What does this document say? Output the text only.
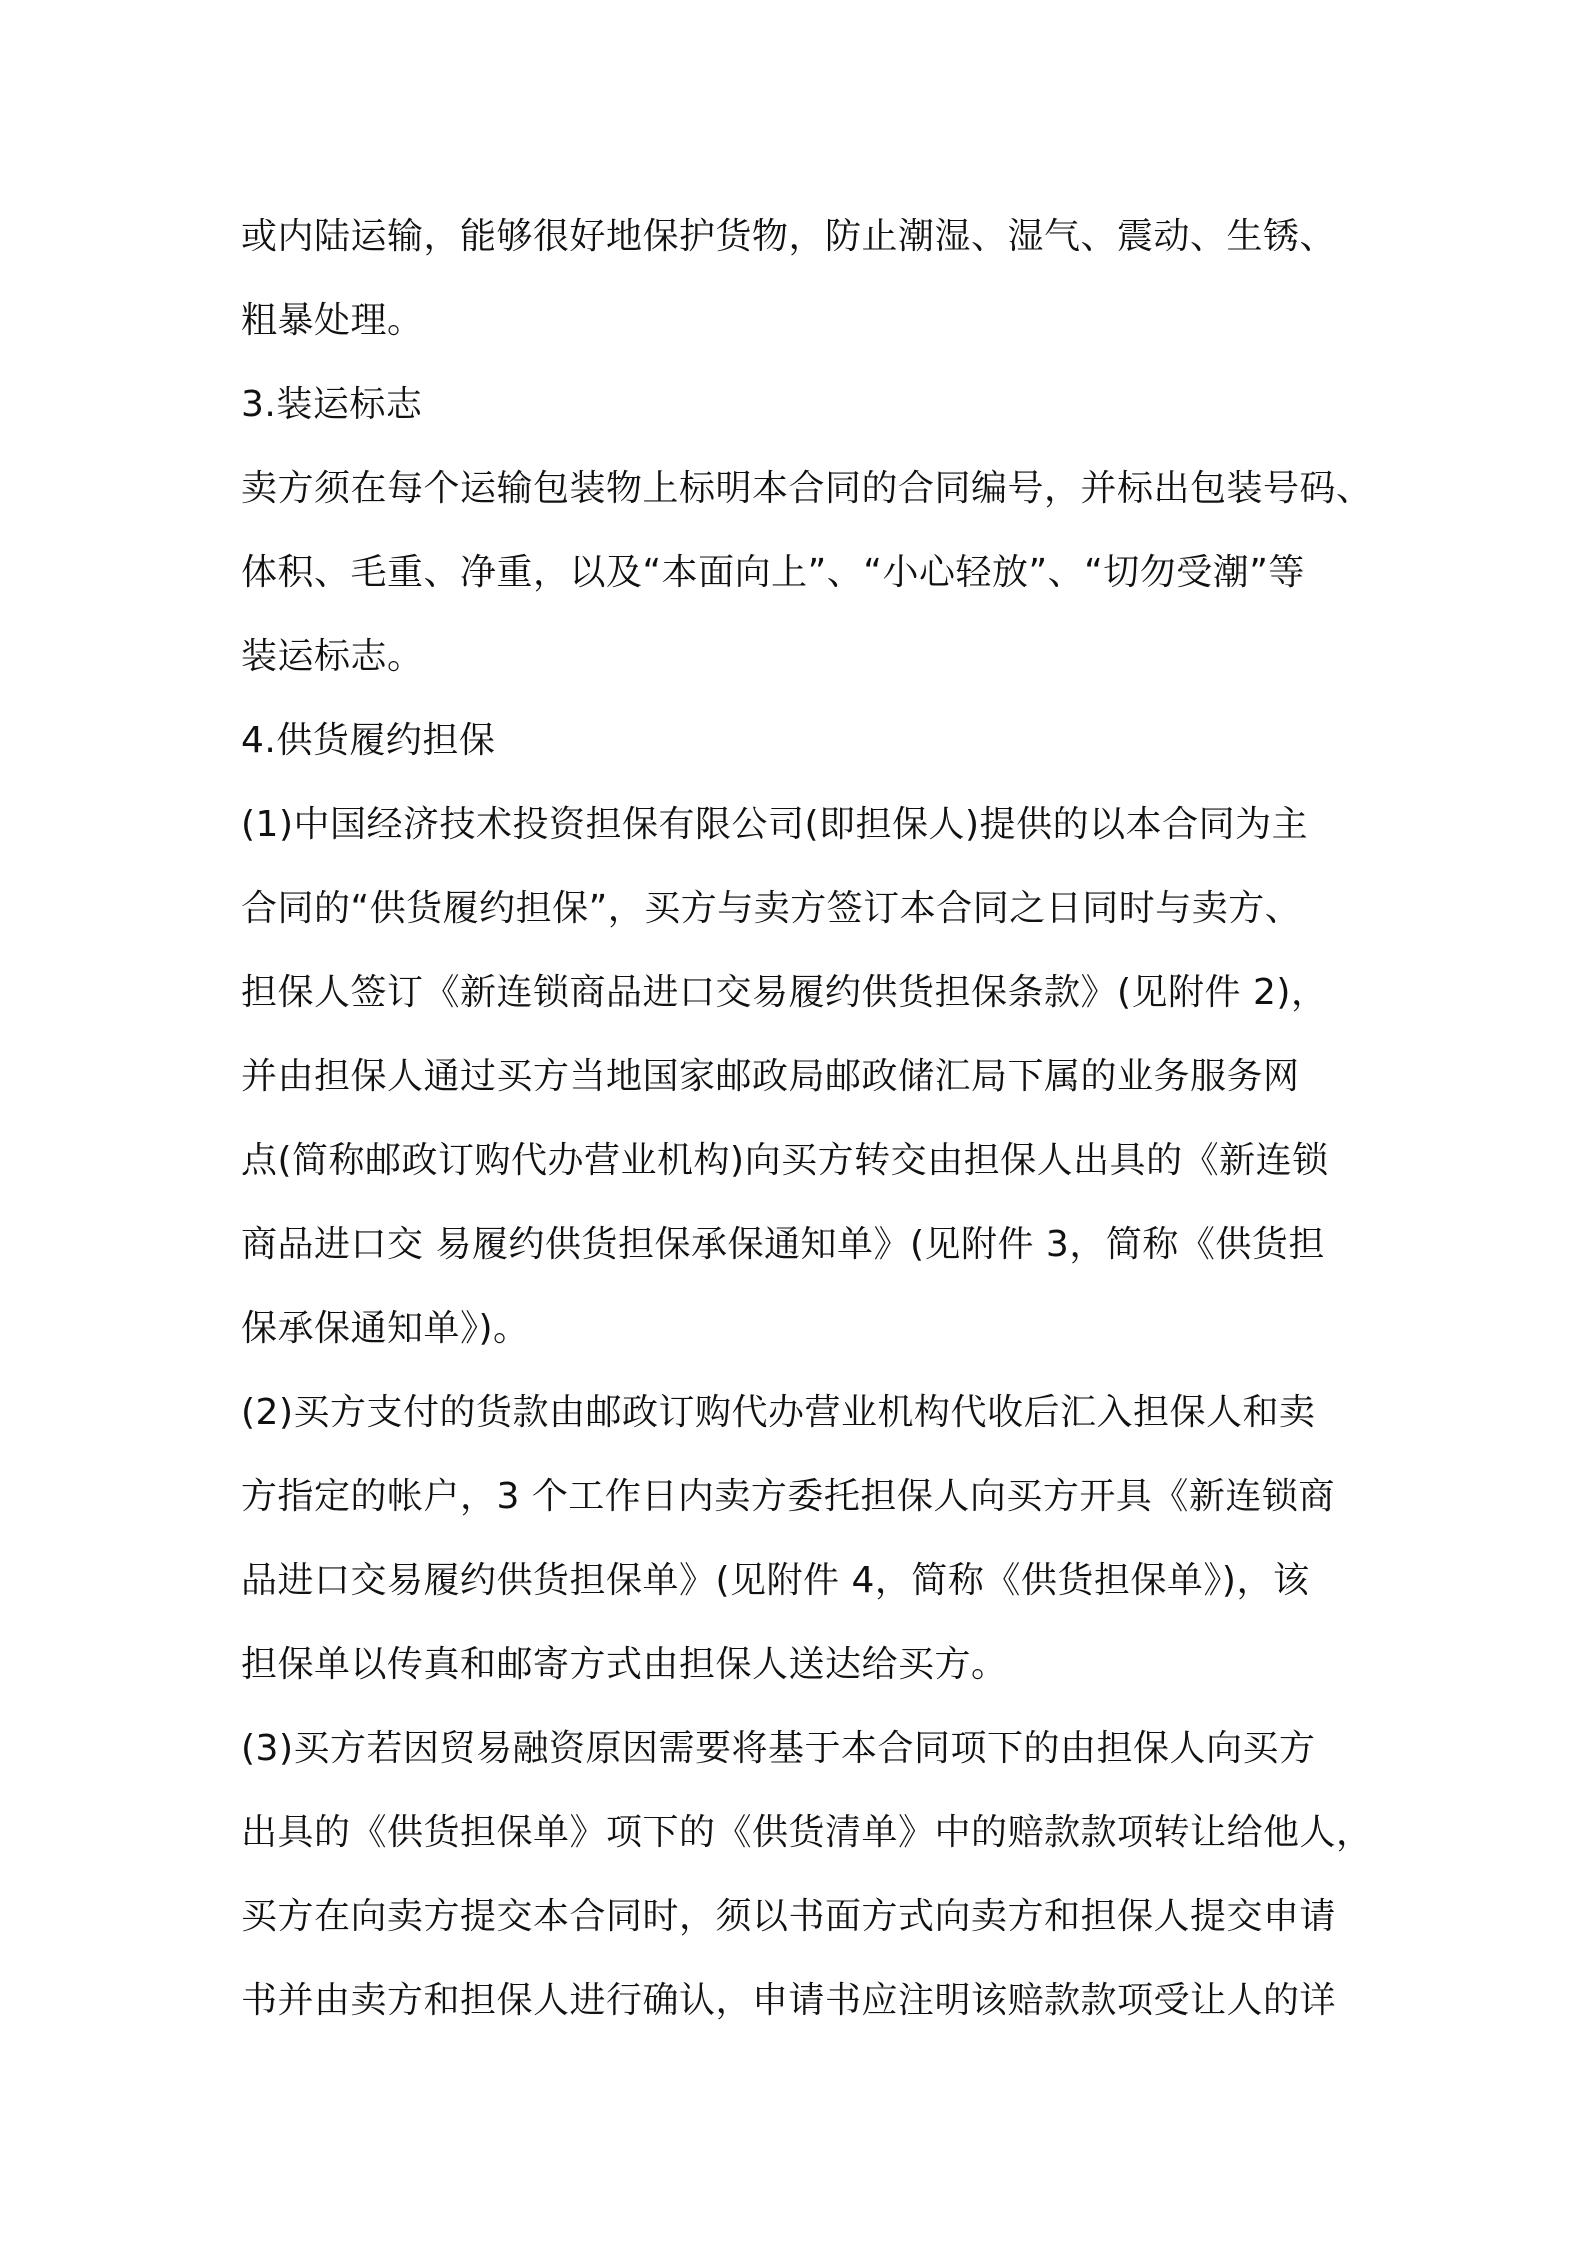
或内陆运输，能够很好地保护货物，防止潮湿、湿气、震动、生锈、
粗暴处理。
3.装运标志
卖方须在每个运输包装物上标明本合同的合同编号，并标出包装号码、
体积、毛重、净重，以及“本面向上”、“小心轻放”、“切勿受潮”等
装运标志。
4.供货履约担保
(1)中国经济技术投资担保有限公司(即担保人)提供的以本合同为主
合同的“供货履约担保”，买方与卖方签订本合同之日同时与卖方、
担保人签订《新连锁商品进口交易履约供货担保条款》(见附件 2)，
并由担保人通过买方当地国家邮政局邮政储汇局下属的业务服务网
点(简称邮政订购代办营业机构)向买方转交由担保人出具的《新连锁
商品进口交 易履约供货担保承保通知单》(见附件 3，简称《供货担
保承保通知单》)。
(2)买方支付的货款由邮政订购代办营业机构代收后汇入担保人和卖
方指定的帐户，3 个工作日内卖方委托担保人向买方开具《新连锁商
品进口交易履约供货担保单》(见附件 4，简称《供货担保单》)，该
担保单以传真和邮寄方式由担保人送达给买方。
(3)买方若因贸易融资原因需要将基于本合同项下的由担保人向买方
出具的《供货担保单》项下的《供货清单》中的赔款款项转让给他人，
买方在向卖方提交本合同时，须以书面方式向卖方和担保人提交申请
书并由卖方和担保人进行确认，申请书应注明该赔款款项受让人的详
